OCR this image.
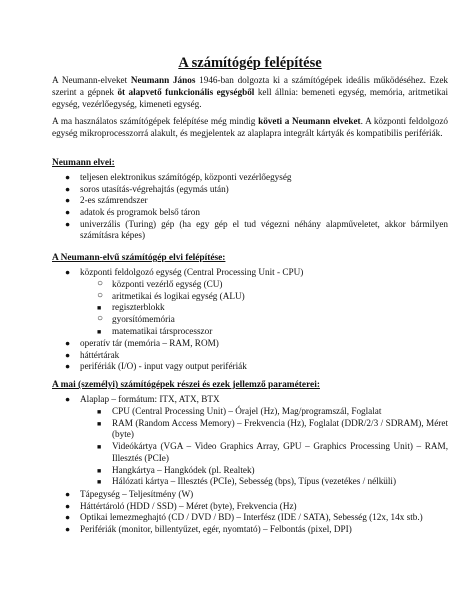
A számítógép felépítése
A Neumann-elveket Neumann János 1946-ban dolgozta ki a számítógépek ideális működéséhez. Ezek szerint a gépnek öt alapvető funkcionális egységből kell állnia: bemeneti egység, memória, aritmetikai egység, vezérlőegység, kimeneti egység.
A ma használatos számítógépek felépítése még mindig követi a Neumann elveket. A központi feldolgozó egység mikroprocesszorrá alakult, és megjelentek az alaplapra integrált kártyák és kompatibilis perifériák.
Neumann elvei:
● teljesen elektronikus számítógép, központi vezérlőegység
● soros utasítás-végrehajtás (egymás után)
● 2-es számrendszer
● adatok és programok belső táron
● univerzális (Turing) gép (ha egy gép el tud végezni néhány alapműveletet, akkor bármilyen számításra képes)
A Neumann-elvű számítógép elvi felépítése:
● központi feldolgozó egység (Central Processing Unit - CPU)
○ központi vezérlő egység (CU)
○ aritmetikai és logikai egység (ALU)
■ regiszterblokk
○ gyorsítómemória
■ matematikai társprocesszor
● operatív tár (memória – RAM, ROM)
● háttértárak
● perifériák (I/O) - input vagy output perifériák
A mai (személyi) számítógépek részei és ezek jellemző paraméterei:
● Alaplap – formátum: ITX, ATX, BTX
■ CPU (Central Processing Unit) – Órajel (Hz), Mag/programszál, Foglalat
■ RAM (Random Access Memory) – Frekvencia (Hz), Foglalat (DDR/2/3 / SDRAM), Méret (byte)
■ Videókártya (VGA – Video Graphics Array, GPU – Graphics Processing Unit) – RAM, Illesztés (PCIe)
■ Hangkártya – Hangkódek (pl. Realtek)
■ Hálózati kártya – Illesztés (PCIe), Sebesség (bps), Típus (vezetékes / nélküli)
● Tápegység – Teljesítmény (W)
● Háttértároló (HDD / SSD) – Méret (byte), Frekvencia (Hz)
● Optikai lemezmeghajtó (CD / DVD / BD) – Interfész (IDE / SATA), Sebesség (12x, 14x stb.)
● Perifériák (monitor, billentyűzet, egér, nyomtató) – Felbontás (pixel, DPI)
